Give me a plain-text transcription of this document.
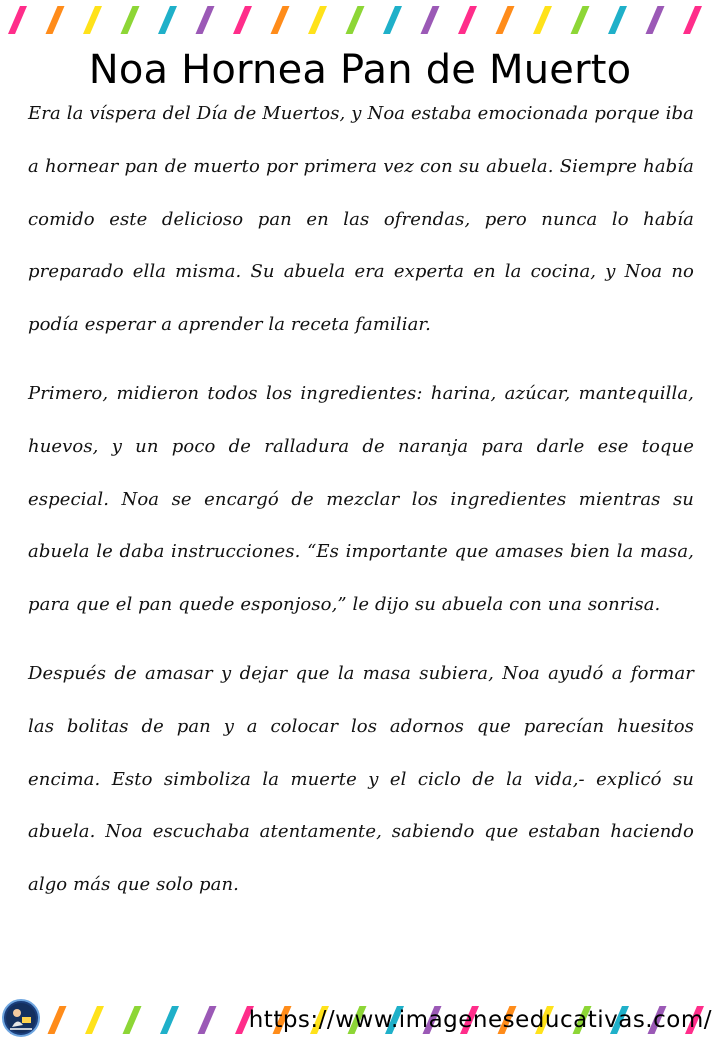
Noa Hornea Pan de Muerto

Era la víspera del Día de Muertos, y Noa estaba emocionada porque iba a hornear pan de muerto por primera vez con su abuela. Siempre había comido este delicioso pan en las ofrendas, pero nunca lo había preparado ella misma. Su abuela era experta en la cocina, y Noa no podía esperar a aprender la receta familiar.

Primero, midieron todos los ingredientes: harina, azúcar, mantequilla, huevos, y un poco de ralladura de naranja para darle ese toque especial. Noa se encargó de mezclar los ingredientes mientras su abuela le daba instrucciones. “Es importante que amases bien la masa, para que el pan quede esponjoso,” le dijo su abuela con una sonrisa.

Después de amasar y dejar que la masa subiera, Noa ayudó a formar las bolitas de pan y a colocar los adornos que parecían huesitos encima. Esto simboliza la muerte y el ciclo de la vida,- explicó su abuela. Noa escuchaba atentamente, sabiendo que estaban haciendo algo más que solo pan.

https://www.imageneseducativas.com/
